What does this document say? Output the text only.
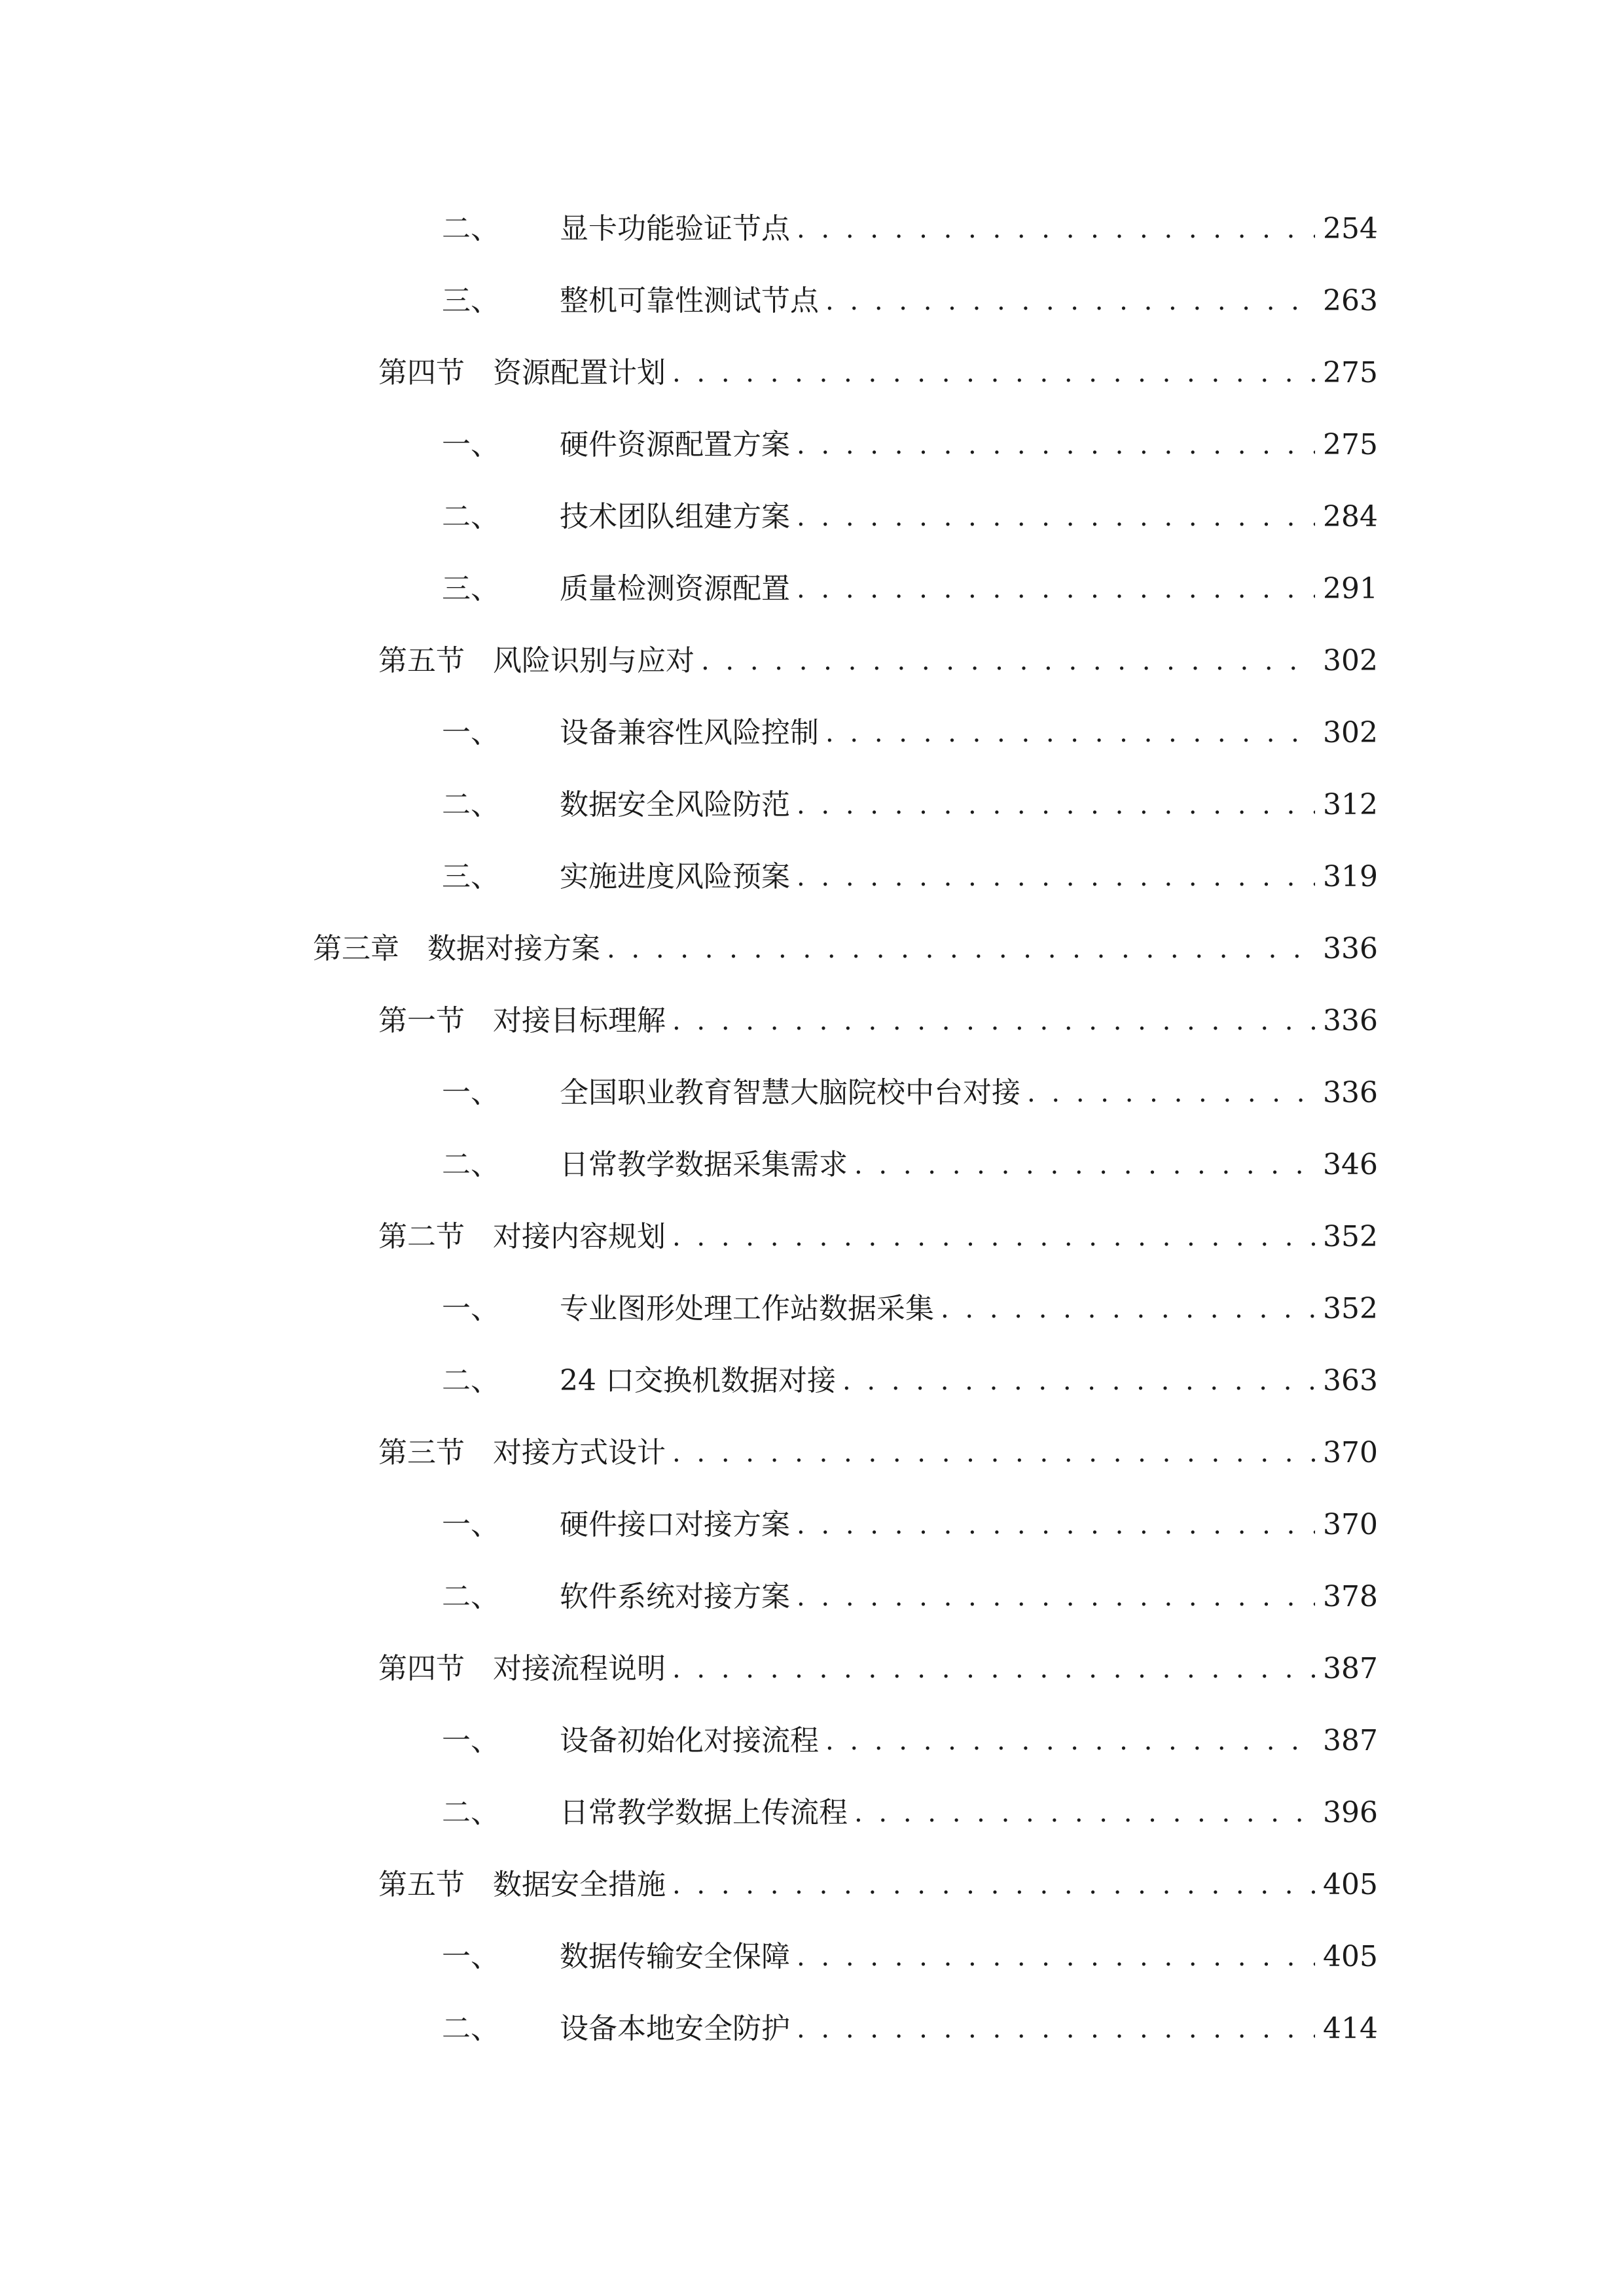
二、	显卡功能验证节点 . . .	254
三、	整机可靠性测试节点 . . .	263
第四节 资源配置计划 . . .	275
一、	硬件资源配置方案 . . .	275
二、	技术团队组建方案 . . .	284
三、	质量检测资源配置 . . .	291
第五节 风险识别与应对 . . .	302
一、	设备兼容性风险控制 . . .	302
二、	数据安全风险防范 . . .	312
三、	实施进度风险预案 . . .	319
第三章 数据对接方案 . . .	336
第一节 对接目标理解 . . .	336
一、	全国职业教育智慧大脑院校中台对接 . . .	336
二、	日常教学数据采集需求 . . .	346
第二节 对接内容规划 . . .	352
一、	专业图形处理工作站数据采集 . . .	352
二、	24 口交换机数据对接 . . .	363
第三节 对接方式设计 . . .	370
一、	硬件接口对接方案 . . .	370
二、	软件系统对接方案 . . .	378
第四节 对接流程说明 . . .	387
一、	设备初始化对接流程 . . .	387
二、	日常教学数据上传流程 . . .	396
第五节 数据安全措施 . . .	405
一、	数据传输安全保障 . . .	405
二、	设备本地安全防护 . . .	414
